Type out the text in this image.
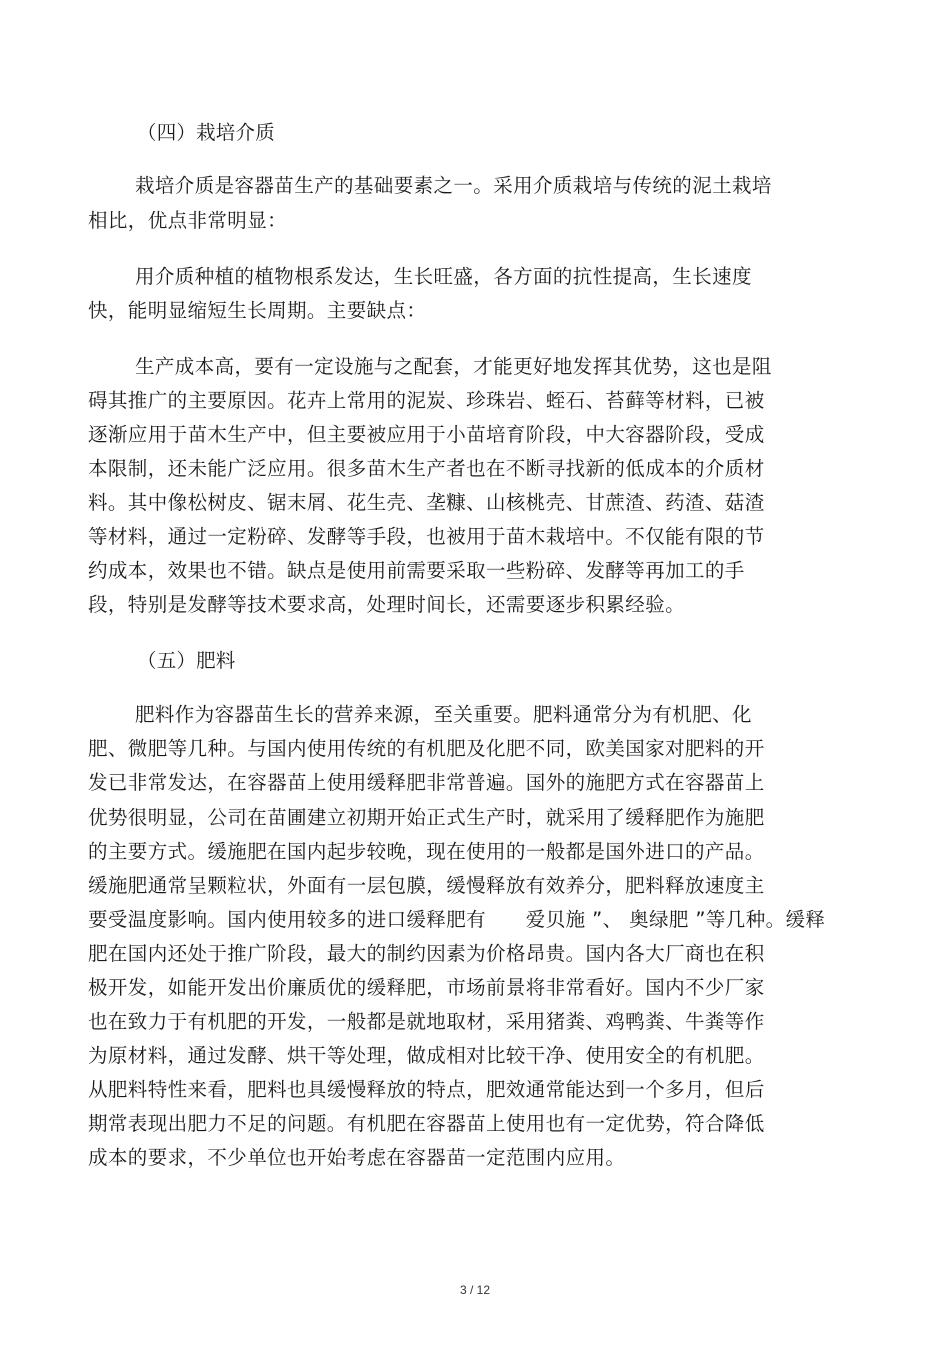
（四）栽培介质
栽培介质是容器苗生产的基础要素之一。采用介质栽培与传统的泥土栽培
相比，优点非常明显：
用介质种植的植物根系发达，生长旺盛，各方面的抗性提高，生长速度
快，能明显缩短生长周期。主要缺点：
生产成本高，要有一定设施与之配套，才能更好地发挥其优势，这也是阻
碍其推广的主要原因。花卉上常用的泥炭、珍珠岩、蛭石、苔藓等材料，已被
逐渐应用于苗木生产中，但主要被应用于小苗培育阶段，中大容器阶段，受成
本限制，还未能广泛应用。很多苗木生产者也在不断寻找新的低成本的介质材
料。其中像松树皮、锯末屑、花生壳、垄糠、山核桃壳、甘蔗渣、药渣、菇渣
等材料，通过一定粉碎、发酵等手段，也被用于苗木栽培中。不仅能有限的节
约成本，效果也不错。缺点是使用前需要采取一些粉碎、发酵等再加工的手
段，特别是发酵等技术要求高，处理时间长，还需要逐步积累经验。
（五）肥料
肥料作为容器苗生长的营养来源，至关重要。肥料通常分为有机肥、化
肥、微肥等几种。与国内使用传统的有机肥及化肥不同，欧美国家对肥料的开
发已非常发达，在容器苗上使用缓释肥非常普遍。国外的施肥方式在容器苗上
优势很明显，公司在苗圃建立初期开始正式生产时，就采用了缓释肥作为施肥
的主要方式。缓施肥在国内起步较晚，现在使用的一般都是国外进口的产品。
缓施肥通常呈颗粒状，外面有一层包膜，缓慢释放有效养分，肥料释放速度主
要受温度影响。国内使用较多的进口缓释肥有　　爱贝施 ”、 奥绿肥 ”等几种。缓释
肥在国内还处于推广阶段，最大的制约因素为价格昂贵。国内各大厂商也在积
极开发，如能开发出价廉质优的缓释肥，市场前景将非常看好。国内不少厂家
也在致力于有机肥的开发，一般都是就地取材，采用猪粪、鸡鸭粪、牛粪等作
为原材料，通过发酵、烘干等处理，做成相对比较干净、使用安全的有机肥。
从肥料特性来看，肥料也具缓慢释放的特点，肥效通常能达到一个多月，但后
期常表现出肥力不足的问题。有机肥在容器苗上使用也有一定优势，符合降低
成本的要求，不少单位也开始考虑在容器苗一定范围内应用。
3 / 12
